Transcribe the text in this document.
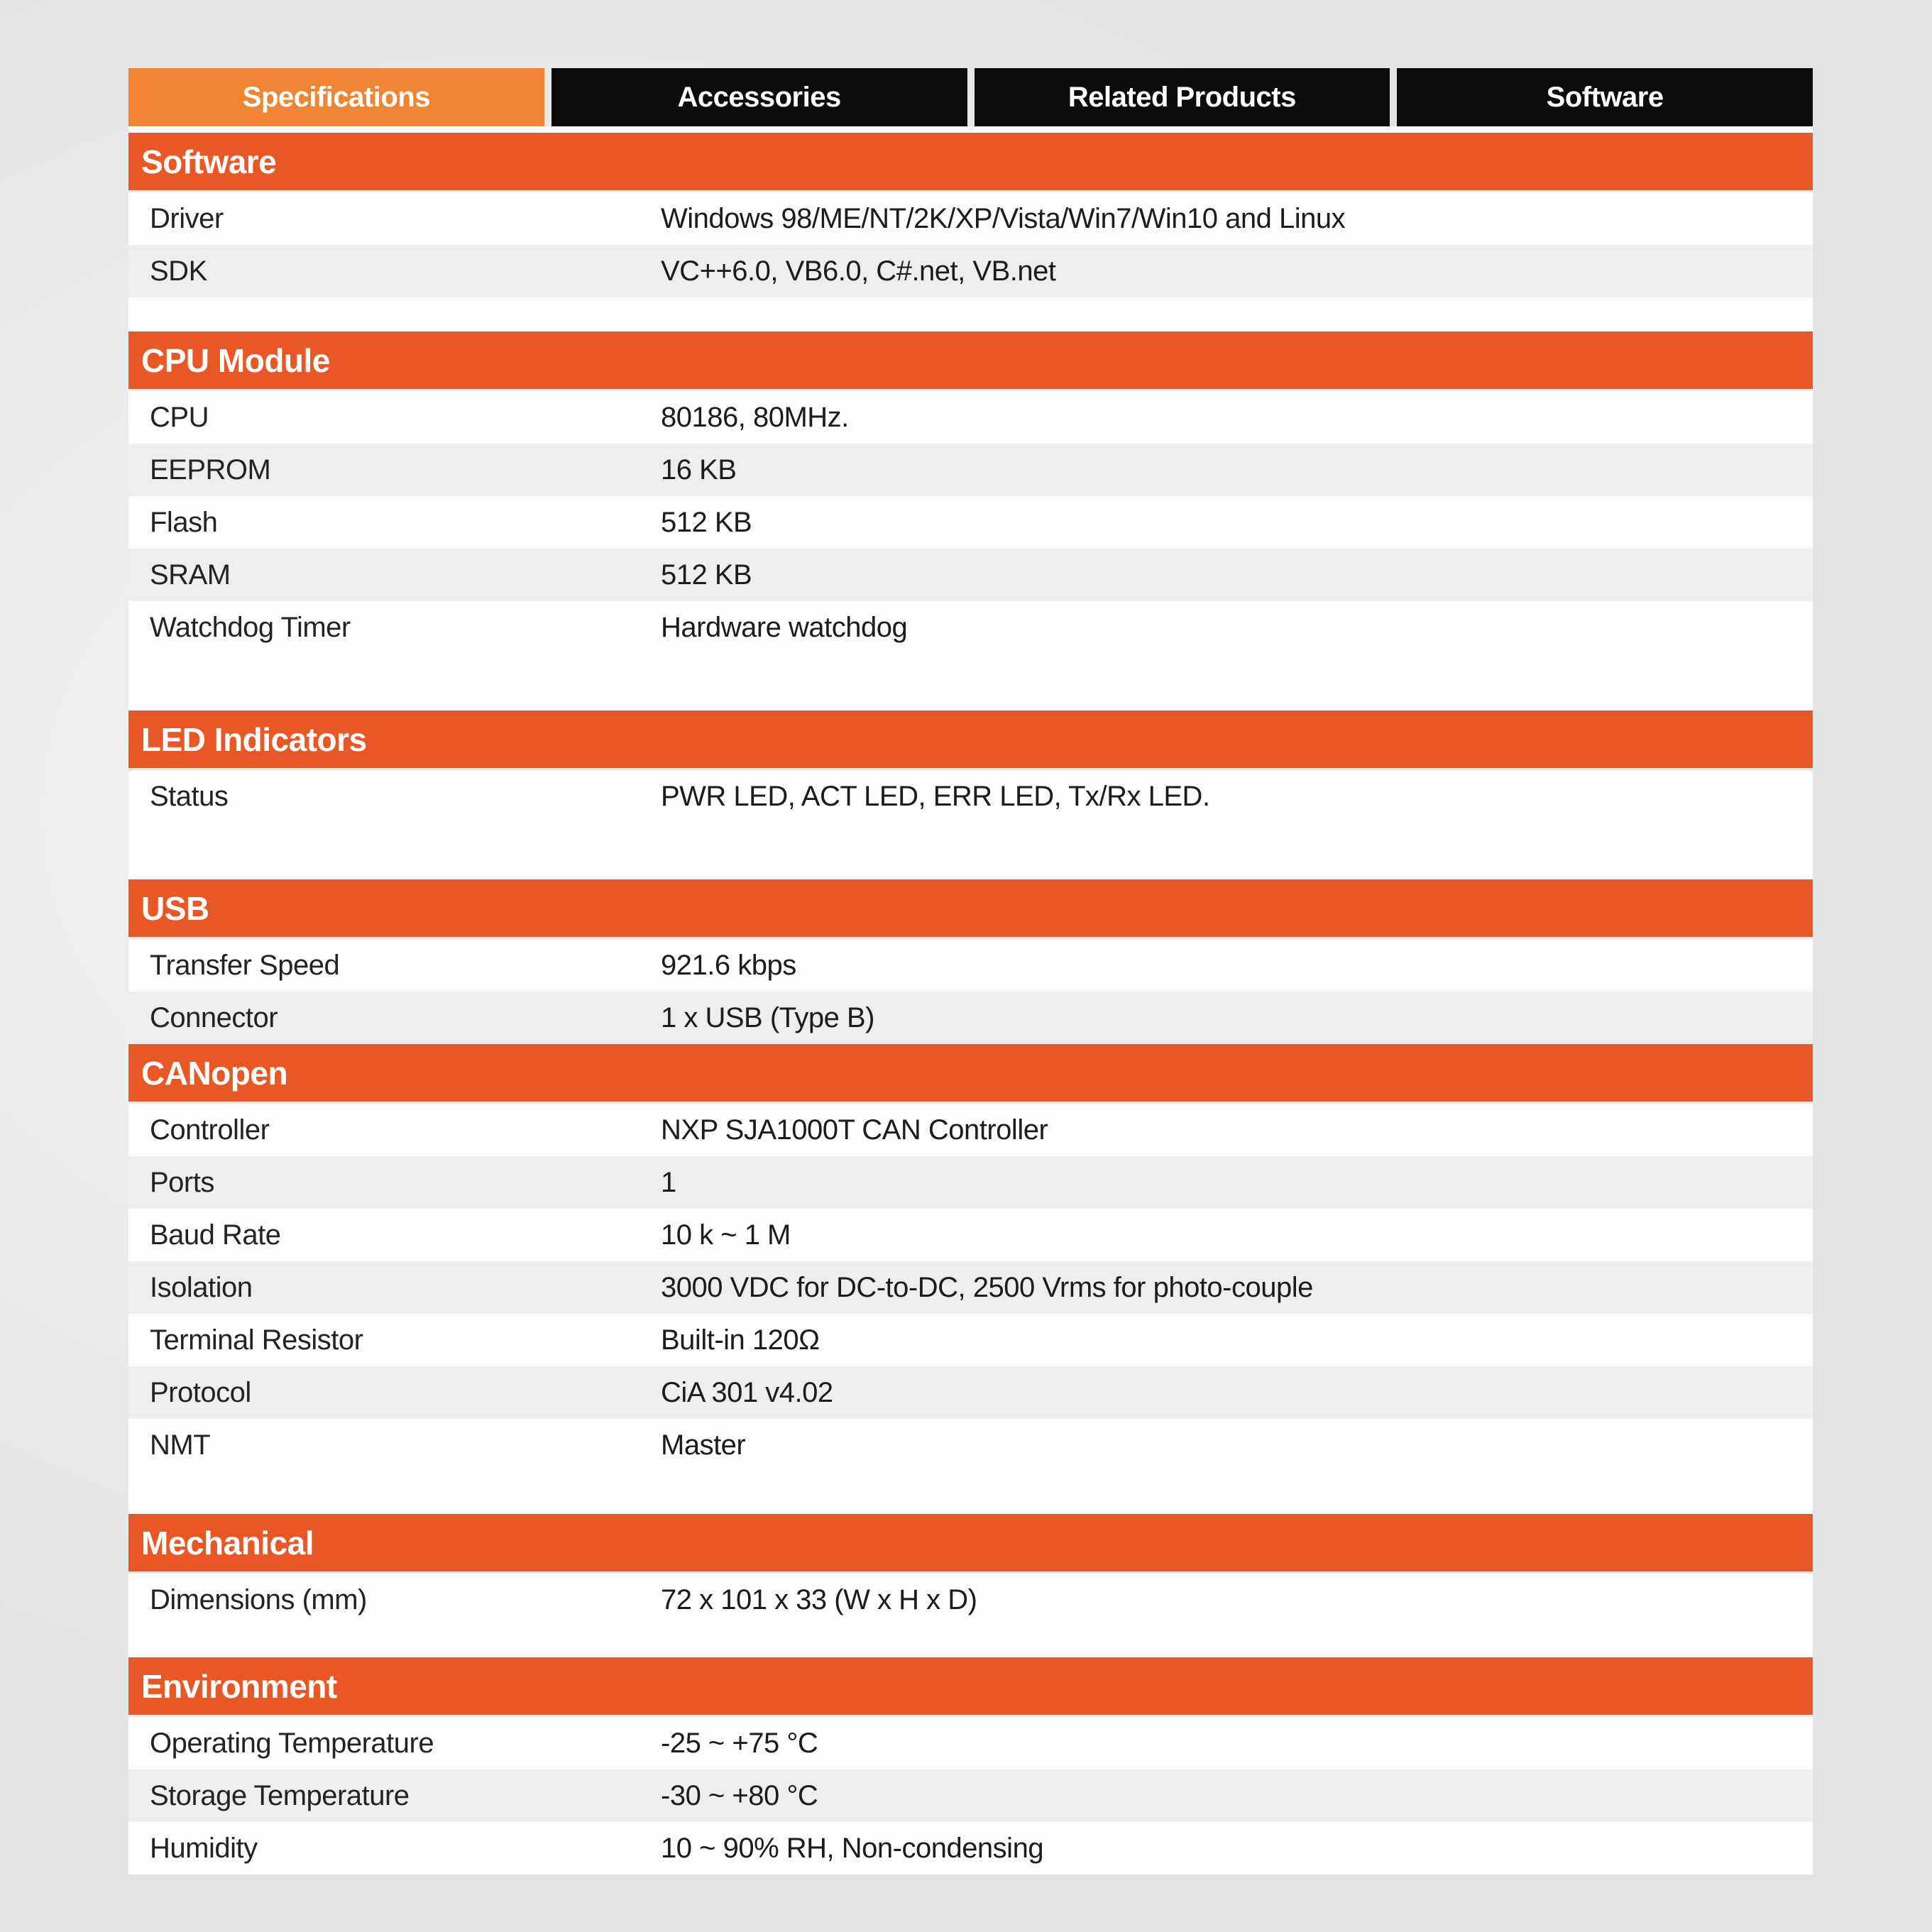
Specifications	Accessories	Related Products	Software
Software
Driver	Windows 98/ME/NT/2K/XP/Vista/Win7/Win10 and Linux
SDK	VC++6.0, VB6.0, C#.net, VB.net
CPU Module
CPU	80186, 80MHz.
EEPROM	16 KB
Flash	512 KB
SRAM	512 KB
Watchdog Timer	Hardware watchdog
LED Indicators
Status	PWR LED, ACT LED, ERR LED, Tx/Rx LED.
USB
Transfer Speed	921.6 kbps
Connector	1 x USB (Type B)
CANopen
Controller	NXP SJA1000T CAN Controller
Ports	1
Baud Rate	10 k ~ 1 M
Isolation	3000 VDC for DC-to-DC, 2500 Vrms for photo-couple
Terminal Resistor	Built-in 120Ω
Protocol	CiA 301 v4.02
NMT	Master
Mechanical
Dimensions (mm)	72 x 101 x 33 (W x H x D)
Environment
Operating Temperature	-25 ~ +75 °C
Storage Temperature	-30 ~ +80 °C
Humidity	10 ~ 90% RH, Non-condensing
